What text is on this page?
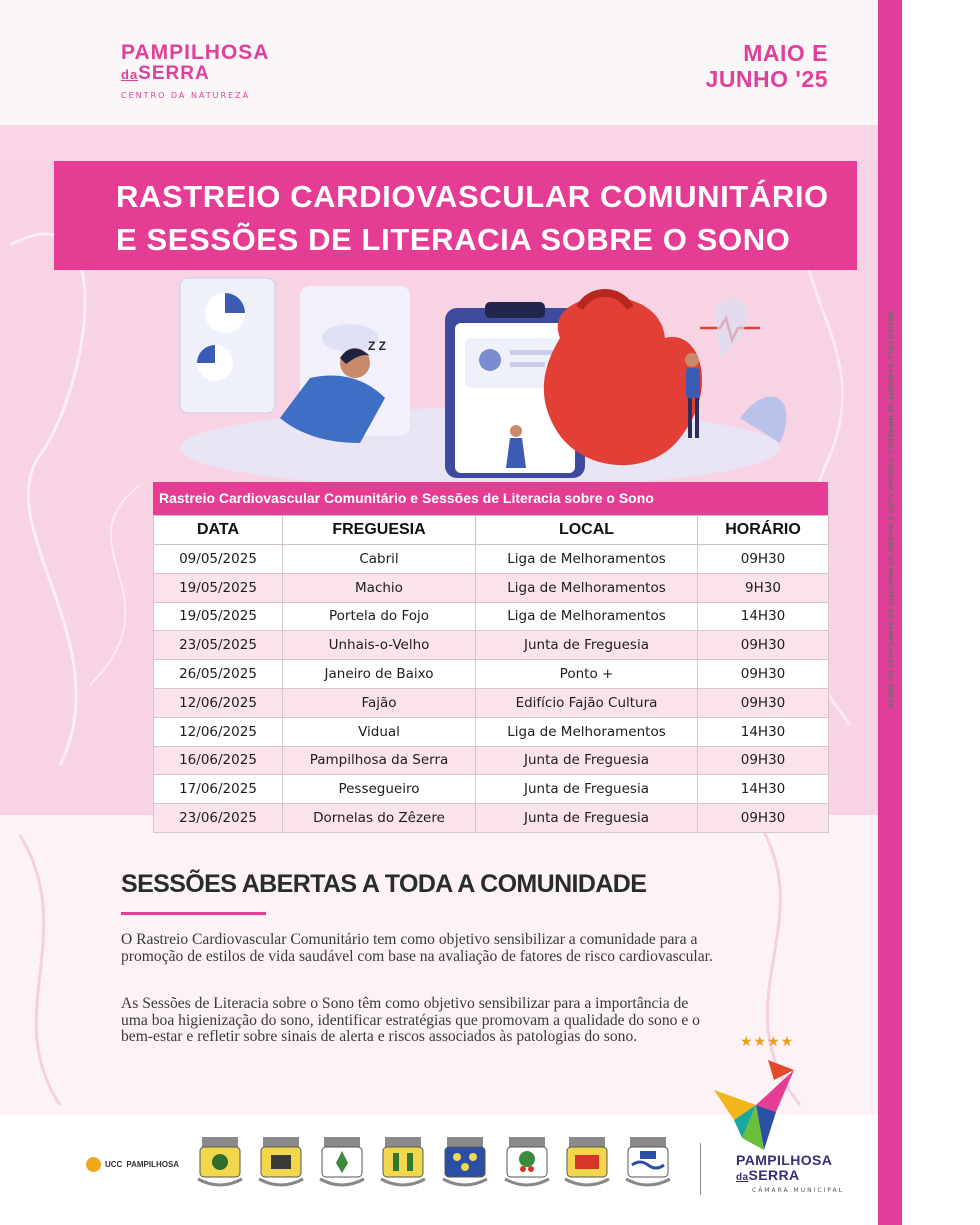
DESIGN PELO GABINETE DE IMPRENSA, COMUNICAÇÃO E IMAGEM DO MUNICÍPIO DE PAMPILHOSA DA SERRA
PAMPILHOSA
daSERRA
CENTRO DA NATUREZA
MAIO E
JUNHO '25
RASTREIO CARDIOVASCULAR COMUNITÁRIO E SESSÕES DE LITERACIA SOBRE O SONO
Z Z
Rastreio Cardiovascular Comunitário e Sessões de Literacia sobre o Sono
DATA	FREGUESIA	LOCAL	HORÁRIO
09/05/2025	Cabril	Liga de Melhoramentos	09H30
19/05/2025	Machio	Liga de Melhoramentos	9H30
19/05/2025	Portela do Fojo	Liga de Melhoramentos	14H30
23/05/2025	Unhais-o-Velho	Junta de Freguesia	09H30
26/05/2025	Janeiro de Baixo	Ponto +	09H30
12/06/2025	Fajão	Edifício Fajão Cultura	09H30
12/06/2025	Vidual	Liga de Melhoramentos	14H30
16/06/2025	Pampilhosa da Serra	Junta de Freguesia	09H30
17/06/2025	Pessegueiro	Junta de Freguesia	14H30
23/06/2025	Dornelas do Zêzere	Junta de Freguesia	09H30
SESSÕES ABERTAS A TODA A COMUNIDADE

O Rastreio Cardiovascular Comunitário tem como objetivo sensibilizar a comunidade para a promoção de estilos de vida saudável com base na avaliação de fatores de risco cardiovascular.

As Sessões de Literacia sobre o Sono têm como objetivo sensibilizar para a importância de uma boa higienização do sono, identificar estratégias que promovam a qualidade do sono e o bem-estar e refletir sobre sinais de alerta e riscos associados às patologias do sono.

UCC PAMPILHOSA
★★★★
PAMPILHOSA
daSERRA
CÂMARA MUNICIPAL
